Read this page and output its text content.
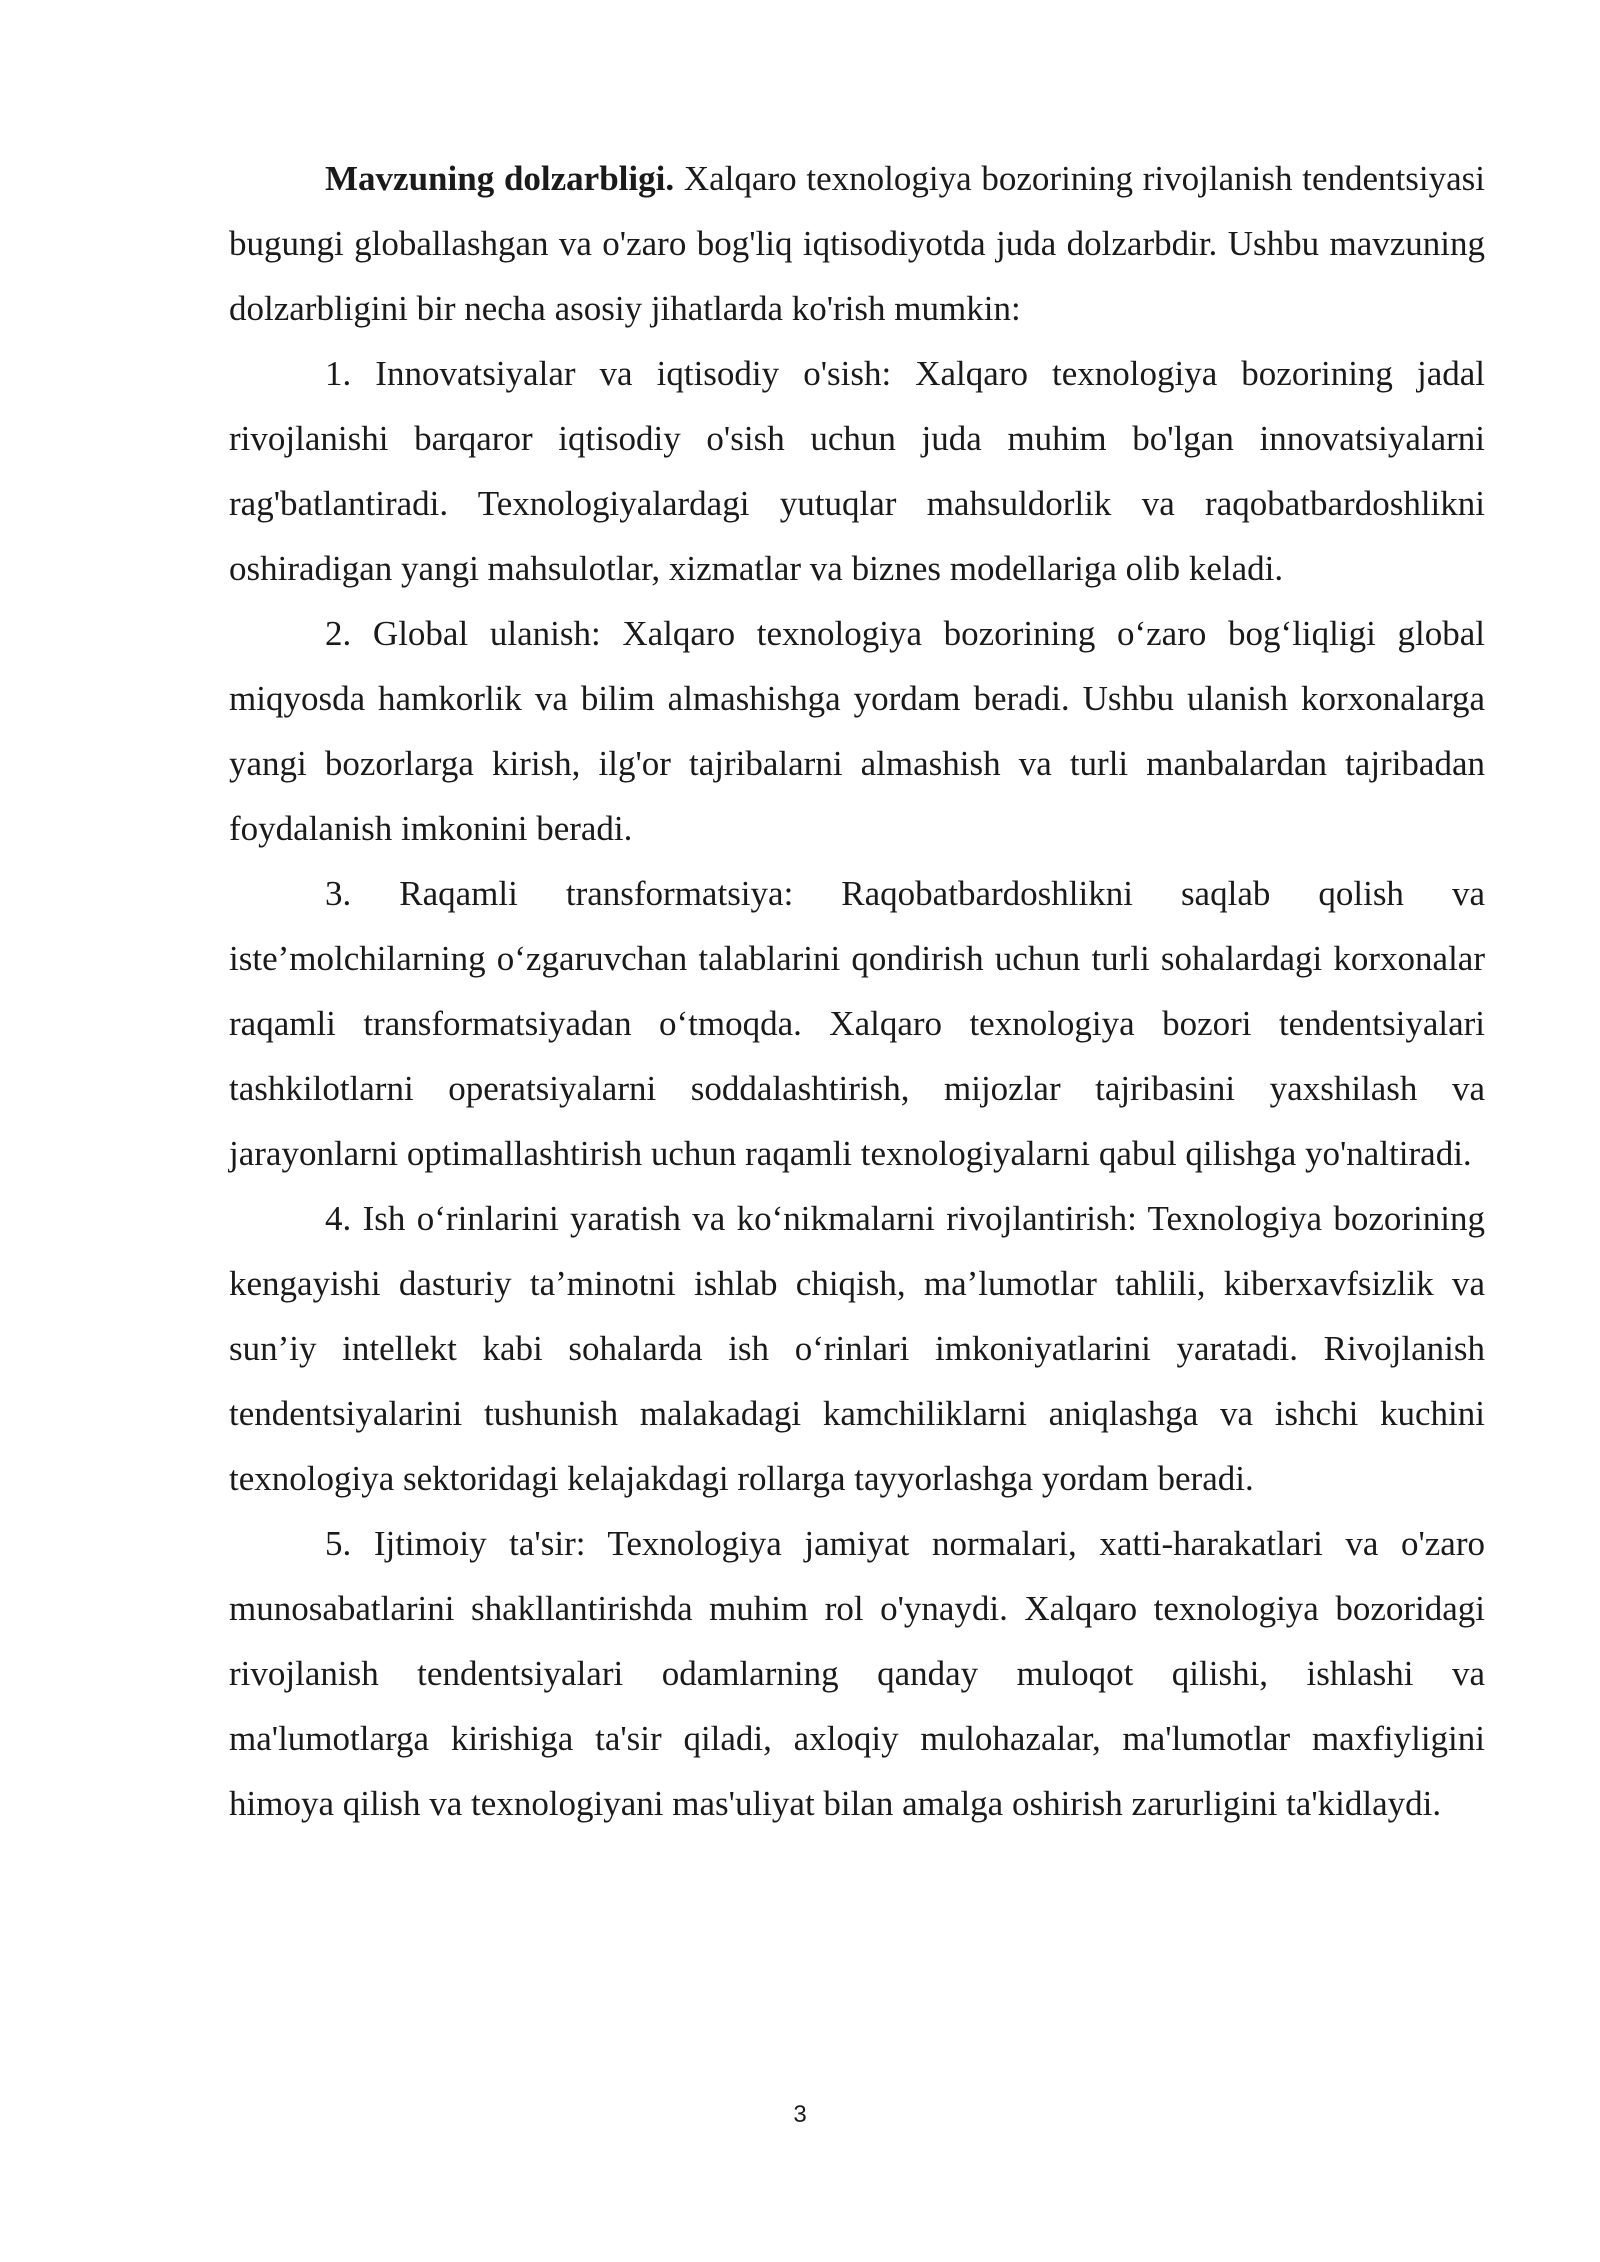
Mavzuning dolzarbligi. Xalqaro texnologiya bozorining rivojlanish tendentsiyasi bugungi globallashgan va o'zaro bog'liq iqtisodiyotda juda dolzarbdir. Ushbu mavzuning dolzarbligini bir necha asosiy jihatlarda ko'rish mumkin:

1. Innovatsiyalar va iqtisodiy o'sish: Xalqaro texnologiya bozorining jadal rivojlanishi barqaror iqtisodiy o'sish uchun juda muhim bo'lgan innovatsiyalarni rag'batlantiradi. Texnologiyalardagi yutuqlar mahsuldorlik va raqobatbardoshlikni oshiradigan yangi mahsulotlar, xizmatlar va biznes modellariga olib keladi.

2. Global ulanish: Xalqaro texnologiya bozorining o‘zaro bog‘liqligi global miqyosda hamkorlik va bilim almashishga yordam beradi. Ushbu ulanish korxonalarga yangi bozorlarga kirish, ilg'or tajribalarni almashish va turli manbalardan tajribadan foydalanish imkonini beradi.

3. Raqamli transformatsiya: Raqobatbardoshlikni saqlab qolish va iste’molchilarning o‘zgaruvchan talablarini qondirish uchun turli sohalardagi korxonalar raqamli transformatsiyadan o‘tmoqda. Xalqaro texnologiya bozori tendentsiyalari tashkilotlarni operatsiyalarni soddalashtirish, mijozlar tajribasini yaxshilash va jarayonlarni optimallashtirish uchun raqamli texnologiyalarni qabul qilishga yo'naltiradi.

4. Ish o‘rinlarini yaratish va ko‘nikmalarni rivojlantirish: Texnologiya bozorining kengayishi dasturiy ta’minotni ishlab chiqish, ma’lumotlar tahlili, kiberxavfsizlik va sun’iy intellekt kabi sohalarda ish o‘rinlari imkoniyatlarini yaratadi. Rivojlanish tendentsiyalarini tushunish malakadagi kamchiliklarni aniqlashga va ishchi kuchini texnologiya sektoridagi kelajakdagi rollarga tayyorlashga yordam beradi.

5. Ijtimoiy ta'sir: Texnologiya jamiyat normalari, xatti-harakatlari va o'zaro munosabatlarini shakllantirishda muhim rol o'ynaydi. Xalqaro texnologiya bozoridagi rivojlanish tendentsiyalari odamlarning qanday muloqot qilishi, ishlashi va ma'lumotlarga kirishiga ta'sir qiladi, axloqiy mulohazalar, ma'lumotlar maxfiyligini himoya qilish va texnologiyani mas'uliyat bilan amalga oshirish zarurligini ta'kidlaydi.

3
